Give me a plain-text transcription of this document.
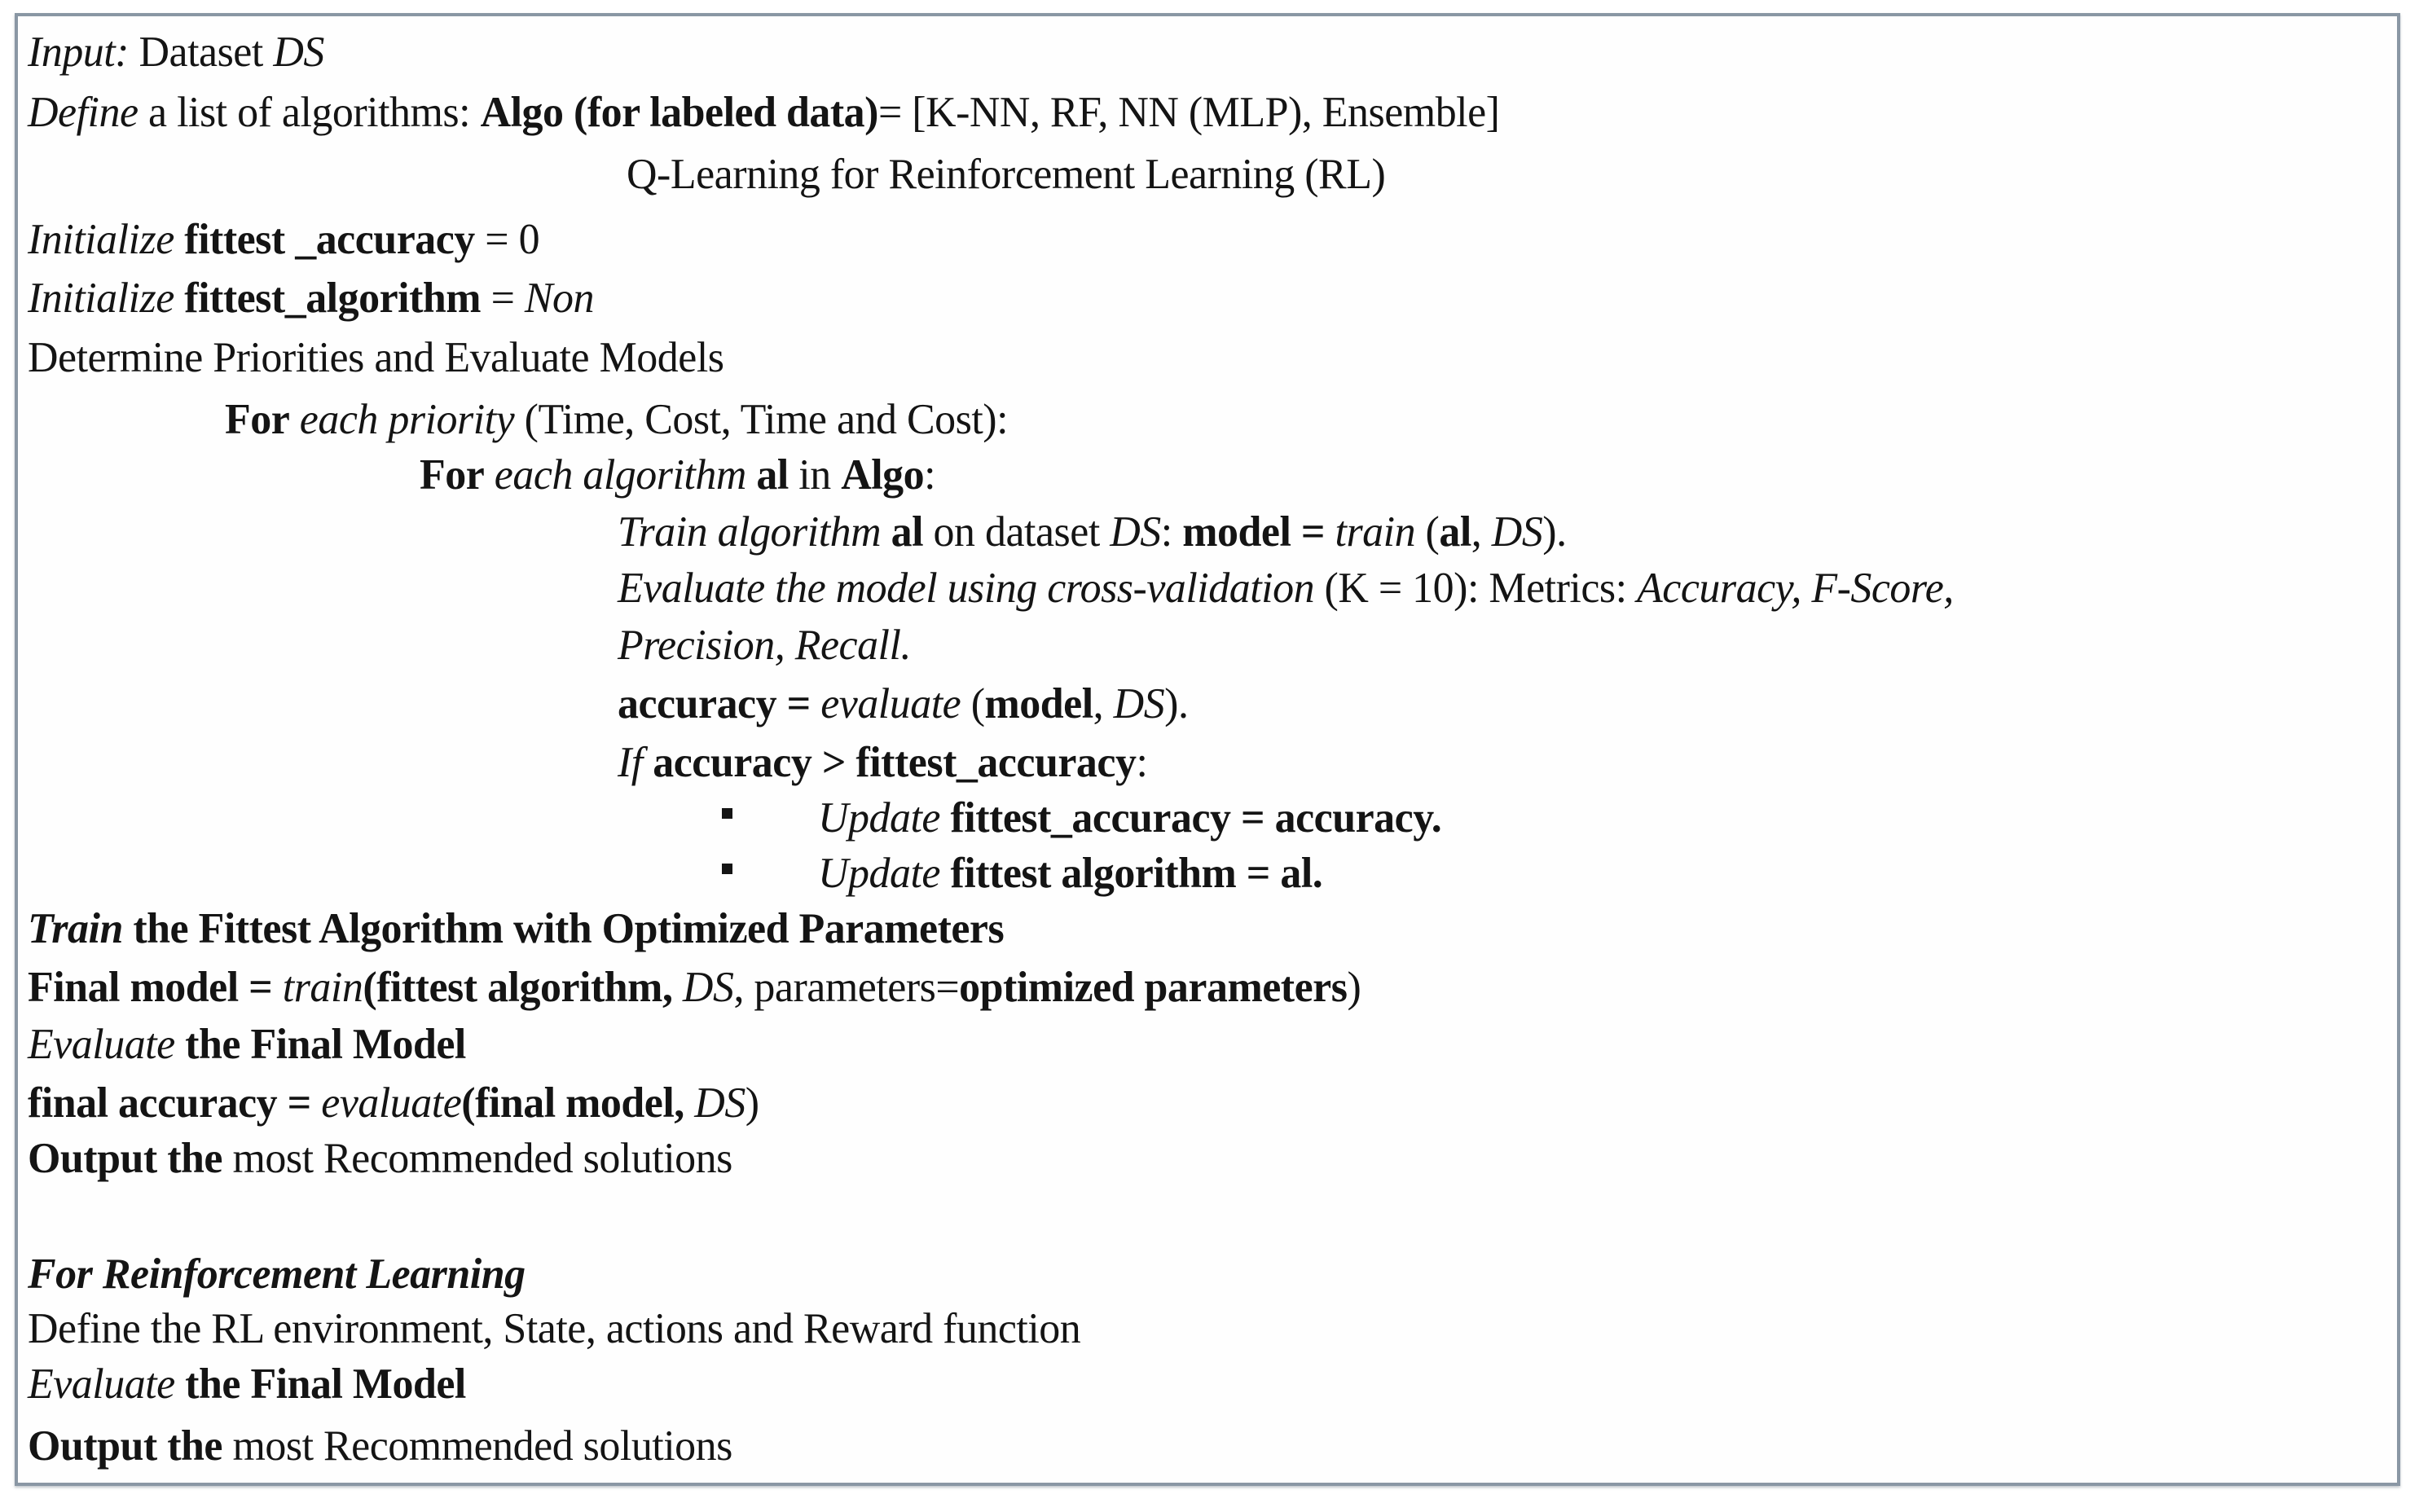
Input: Dataset DS
Define a list of algorithms: Algo (for labeled data)= [K-NN, RF, NN (MLP), Ensemble]
Q-Learning for Reinforcement Learning (RL)
Initialize fittest _accuracy = 0
Initialize fittest_algorithm = Non
Determine Priorities and Evaluate Models
For each priority (Time, Cost, Time and Cost):
For each algorithm al in Algo:
Train algorithm al on dataset DS: model = train (al, DS).
Evaluate the model using cross-validation (K = 10): Metrics: Accuracy, F-Score,
Precision, Recall.
accuracy = evaluate (model, DS).
If accuracy > fittest_accuracy:
Update fittest_accuracy = accuracy.
Update fittest algorithm = al.
Train the Fittest Algorithm with Optimized Parameters
Final model = train(fittest algorithm, DS, parameters=optimized parameters)
Evaluate the Final Model
final accuracy = evaluate(final model, DS)
Output the most Recommended solutions
For Reinforcement Learning
Define the RL environment, State, actions and Reward function
Evaluate the Final Model
Output the most Recommended solutions
